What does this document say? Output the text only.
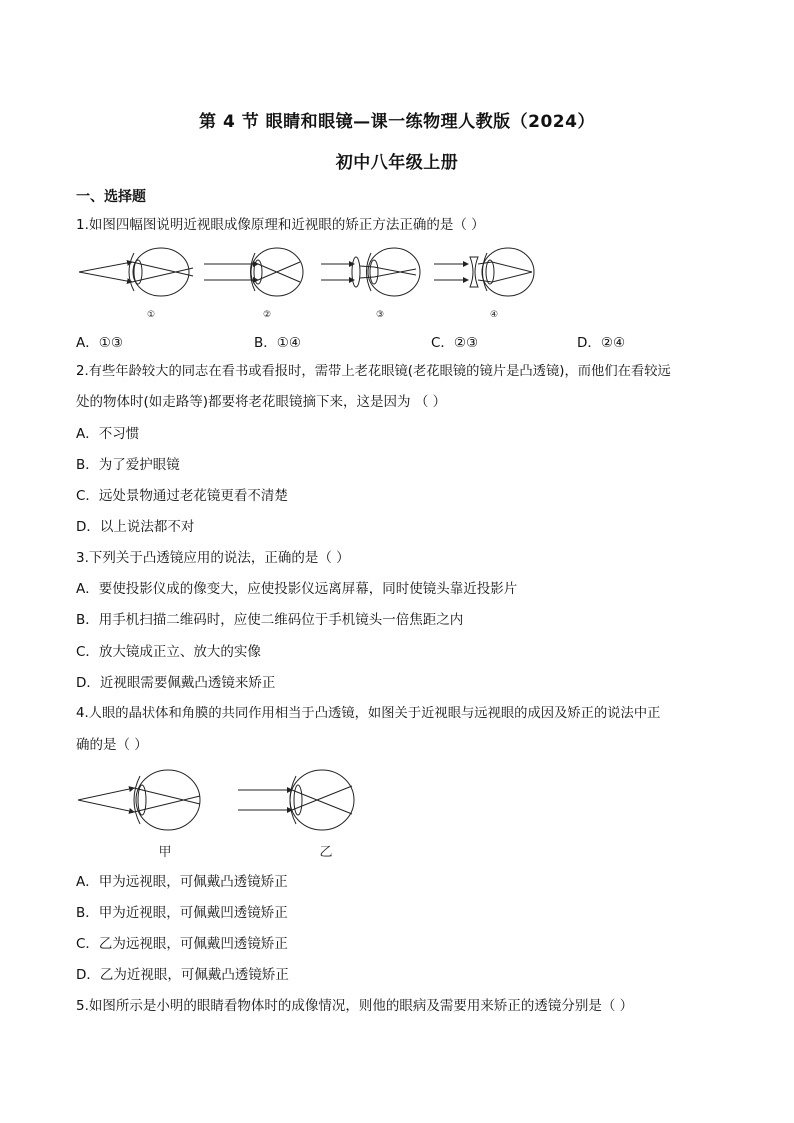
第 4 节 眼睛和眼镜—课一练物理人教版（2024）
初中八年级上册
一、选择题
1.如图四幅图说明近视眼成像原理和近视眼的矫正方法正确的是（ ）
①	②	③	④
A．①③	B．①④	C．②③	D．②④
2.有些年龄较大的同志在看书或看报时，需带上老花眼镜(老花眼镜的镜片是凸透镜)，而他们在看较远
处的物体时(如走路等)都要将老花眼镜摘下来，这是因为 （ ）
A．不习惯
B．为了爱护眼镜
C．远处景物通过老花镜更看不清楚
D．以上说法都不对
3.下列关于凸透镜应用的说法，正确的是（ ）
A．要使投影仪成的像变大，应使投影仪远离屏幕，同时使镜头靠近投影片
B．用手机扫描二维码时，应使二维码位于手机镜头一倍焦距之内
C．放大镜成正立、放大的实像
D．近视眼需要佩戴凸透镜来矫正
4.人眼的晶状体和角膜的共同作用相当于凸透镜，如图关于近视眼与远视眼的成因及矫正的说法中正
确的是（ ）
甲	乙
A．甲为远视眼，可佩戴凸透镜矫正
B．甲为近视眼，可佩戴凹透镜矫正
C．乙为远视眼，可佩戴凹透镜矫正
D．乙为近视眼，可佩戴凸透镜矫正
5.如图所示是小明的眼睛看物体时的成像情况，则他的眼病及需要用来矫正的透镜分别是（ ）
